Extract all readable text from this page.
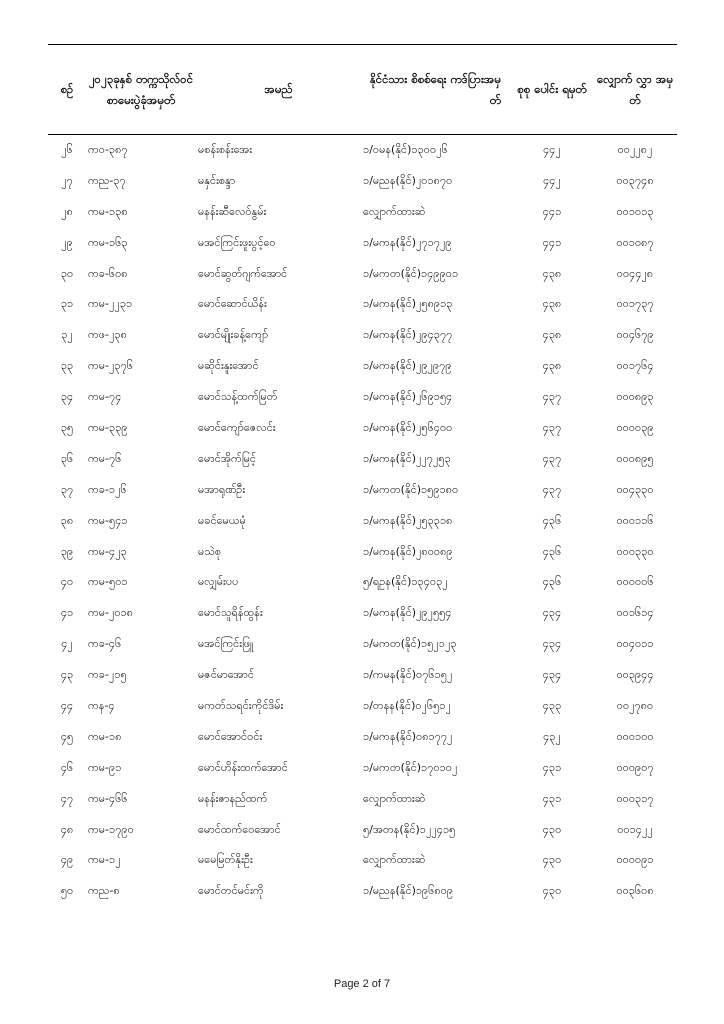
စဉ်	၂၀၂၃ခုနှစ် တက္ကသိုလ်ဝင် စာမေးပွဲခုံအမှတ်	အမည်	နိုင်ငံသား စိစစ်ရေး ကဒ်ပြားအမှတ်	စုစု ပေါင်း ရမှတ်	လျှောက် လွှာ အမှတ်
၂၆	ကဝ-၃၈၇	မစန်းစန်းအေး	၁/ဝမန(နိုင်)၁၃၀၀၂၆	၄၄၂	၀၀၂၂၈၂
၂၇	ကည-၃၇	မနှင်းစန္ဒာ	၁/မညန(နိုင်)၂၀၁၈၇၀	၄၄၂	၀၀၃၇၄၈
၂၈	ကမ-၁၃၈	မနန်းဆီလေဝ်နွမ်း	လျှောက်ထားဆဲ	၄၄၁	၀၀၁၀၁၃
၂၉	ကမ-၁၆၃	မအင်ကြင်းဖူးပွင့်ဝေ	၁/မကန(နိုင်)၂၇၁၇၂၉	၄၄၁	၀၀၁၀၈၇
၃၀	ကခ-၆၀၈	မောင်ဆွတ်ဂျက်အောင်	၁/မကတ(နိုင်)၁၄၉၉၀၁	၄၃၈	၀၀၄၄၂၈
၃၁	ကမ-၂၂၃၁	မောင်ဆောင်ယိန်း	၁/မကန(နိုင်)၂၅၈၉၁၃	၄၃၈	၀၀၁၇၃၇
၃၂	ကဖ-၂၃၈	မောင်မျိုးခန့်ကျော်	၁/မကန(နိုင်)၂၉၄၃၇၇	၄၃၈	၀၀၄၆၇၉
၃၃	ကမ-၂၃၇၆	မဆိုင်းနူးအောင်	၁/မကန(နိုင်)၂၉၂၉၇၉	၄၃၈	၀၀၁၇၆၄
၃၄	ကမ-၇၄	မောင်သန့်ထက်မြတ်	၁/မကန(နိုင်)၂၆၉၁၅၄	၄၃၇	၀၀၀၈၉၃
၃၅	ကမ-၃၃၉	မောင်ကျော်ဇေလင်း	၁/မကန(နိုင်)၂၅၆၄၀၀	၄၃၇	၀၀၀၀၃၉
၃၆	ကမ-၇၆	မောင်အိုက်မြင့်	၁/မကန(နိုင်)၂၂၇၂၅၃	၄၃၇	၀၀၀၈၉၅
၃၇	ကခ-၁၂၆	မအာရုဏ်ဦး	၁/မကတ(နိုင်)၁၅၉၁၈၀	၄၃၇	၀၀၄၃၃၀
၃၈	ကမ-၅၄၁	မခင်မေယမုံ	၁/မကန(နိုင်)၂၅၃၃၁၈	၄၃၆	၀၀၀၁၁၆
၃၉	ကမ-၄၂၃	မသဲစု	၁/မကန(နိုင်)၂၈၀၀၈၉	၄၃၆	၀၀၀၃၃၀
၄၀	ကမ-၅၀၁	မလျှမ်းပပ	၅/ရဥန(နိုင်)၁၃၄၀၃၂	၄၃၆	၀၀၀၀၀၆
၄၁	ကမ-၂၀၁၈	မောင်သူရိန်ထွန်း	၁/မကန(နိုင်)၂၉၂၅၅၄	၄၃၄	၀၀၁၆၁၄
၄၂	ကခ-၄၆	မအင်ကြင်းဖြူ	၁/မကတ(နိုင်)၁၅၂၁၂၃	၄၃၄	၀၀၄၀၁၁
၄၃	ကခ-၂၁၅	မဇင်မာအောင်	၁/ကမန(နိုင်)၀၇၆၁၅၂	၄၃၄	၀၀၃၉၄၄
၄၄	ကန-၄	မကတ်သရင်းကိုင်ဒိမ်း	၁/တနန(နိုင်)၀၂၆၅၁၂	၄၃၃	၀၀၂၇၈၀
၄၅	ကမ-၁၈	မောင်အောင်ဝင်း	၁/မကန(နိုင်)၀၈၁၇၇၂	၄၃၂	၀၀၀၁၀၀
၄၆	ကမ-၉၁	မောင်ဟိန်းထက်အောင်	၁/မကတ(နိုင်)၁၇၀၁၀၂	၄၃၁	၀၀၀၉၀၇
၄၇	ကမ-၄၆၆	မနန်းဇာနည်ထက်	လျှောက်ထားဆဲ	၄၃၁	၀၀၀၃၁၇
၄၈	ကမ-၁၇၉၀	မောင်ထက်ဝေအောင်	၅/အတန(နိုင်)၁၂၂၄၁၅	၄၃၀	၀၀၁၄၂၂
၄၉	ကမ-၁၂	မမေမြတ်နိုးဦး	လျှောက်ထားဆဲ	၄၃၀	၀၀၀၀၉၁
၅၀	ကည-၈	မောင်တင်မင်းကို	၁/မညန(နိုင်)၁၉၆၈၀၉	၄၃၀	၀၀၃၆၀၈
Page 2 of 7
